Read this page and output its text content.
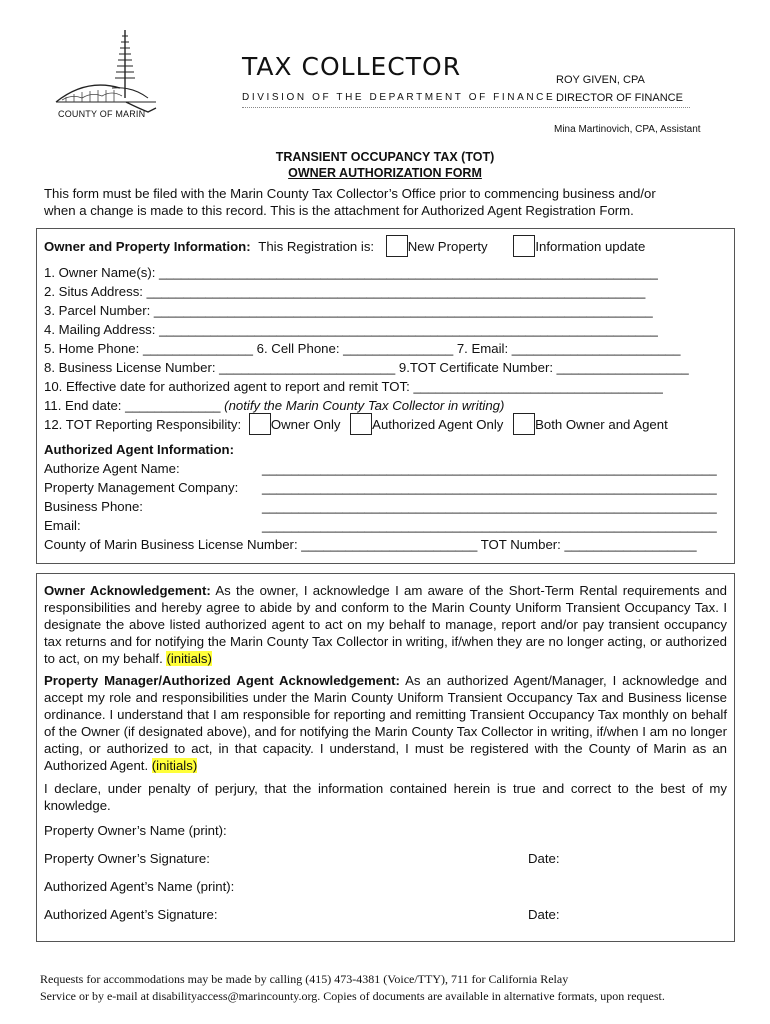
COUNTY OF MARIN
TAX COLLECTOR
DIVISION OF THE DEPARTMENT OF FINANCE
ROY GIVEN, CPA
DIRECTOR OF FINANCE
Mina Martinovich, CPA, Assistant
TRANSIENT OCCUPANCY TAX (TOT)
OWNER AUTHORIZATION FORM
This form must be filed with the Marin County Tax Collector’s Office prior to commencing business and/or
when a change is made to this record. This is the attachment for Authorized Agent Registration Form.
Owner and Property Information: This Registration is:	New Property	Information update
1. Owner Name(s): ____________________________________________________________________
2. Situs Address: ____________________________________________________________________
3. Parcel Number: ____________________________________________________________________
4. Mailing Address: ____________________________________________________________________
5. Home Phone: _______________ 6. Cell Phone: _______________ 7. Email: _______________________
8. Business License Number: ________________________ 9.TOT Certificate Number: __________________
10. Effective date for authorized agent to report and remit TOT: __________________________________
11. End date: _____________ (notify the Marin County Tax Collector in writing)
12. TOT Reporting Responsibility: Owner Only Authorized Agent Only Both Owner and Agent
Authorized Agent Information:
Authorize Agent Name:	______________________________________________________________
Property Management Company: ______________________________________________________________
Business Phone:	______________________________________________________________
Email:	______________________________________________________________
County of Marin Business License Number: ________________________ TOT Number: __________________
Owner Acknowledgement: As the owner, I acknowledge I am aware of the Short-Term Rental requirements and responsibilities and hereby agree to abide by and conform to the Marin County Uniform Transient Occupancy Tax. I designate the above listed authorized agent to act on my behalf to manage, report and/or pay transient occupancy tax returns and for notifying the Marin County Tax Collector in writing, if/when they are no longer acting, or authorized to act, on my behalf. (initials)
Property Manager/Authorized Agent Acknowledgement: As an authorized Agent/Manager, I acknowledge and accept my role and responsibilities under the Marin County Uniform Transient Occupancy Tax and Business license ordinance. I understand that I am responsible for reporting and remitting Transient Occupancy Tax monthly on behalf of the Owner (if designated above), and for notifying the Marin County Tax Collector in writing, if/when I am no longer acting, or authorized to act, in that capacity. I understand, I must be registered with the County of Marin as an Authorized Agent. (initials)
I declare, under penalty of perjury, that the information contained herein is true and correct to the best of my knowledge.
Property Owner’s Name (print):
Property Owner’s Signature:	Date:
Authorized Agent’s Name (print):
Authorized Agent’s Signature:	Date:
Requests for accommodations may be made by calling (415) 473-4381 (Voice/TTY), 711 for California Relay
Service or by e-mail at disabilityaccess@marincounty.org. Copies of documents are available in alternative formats, upon request.
